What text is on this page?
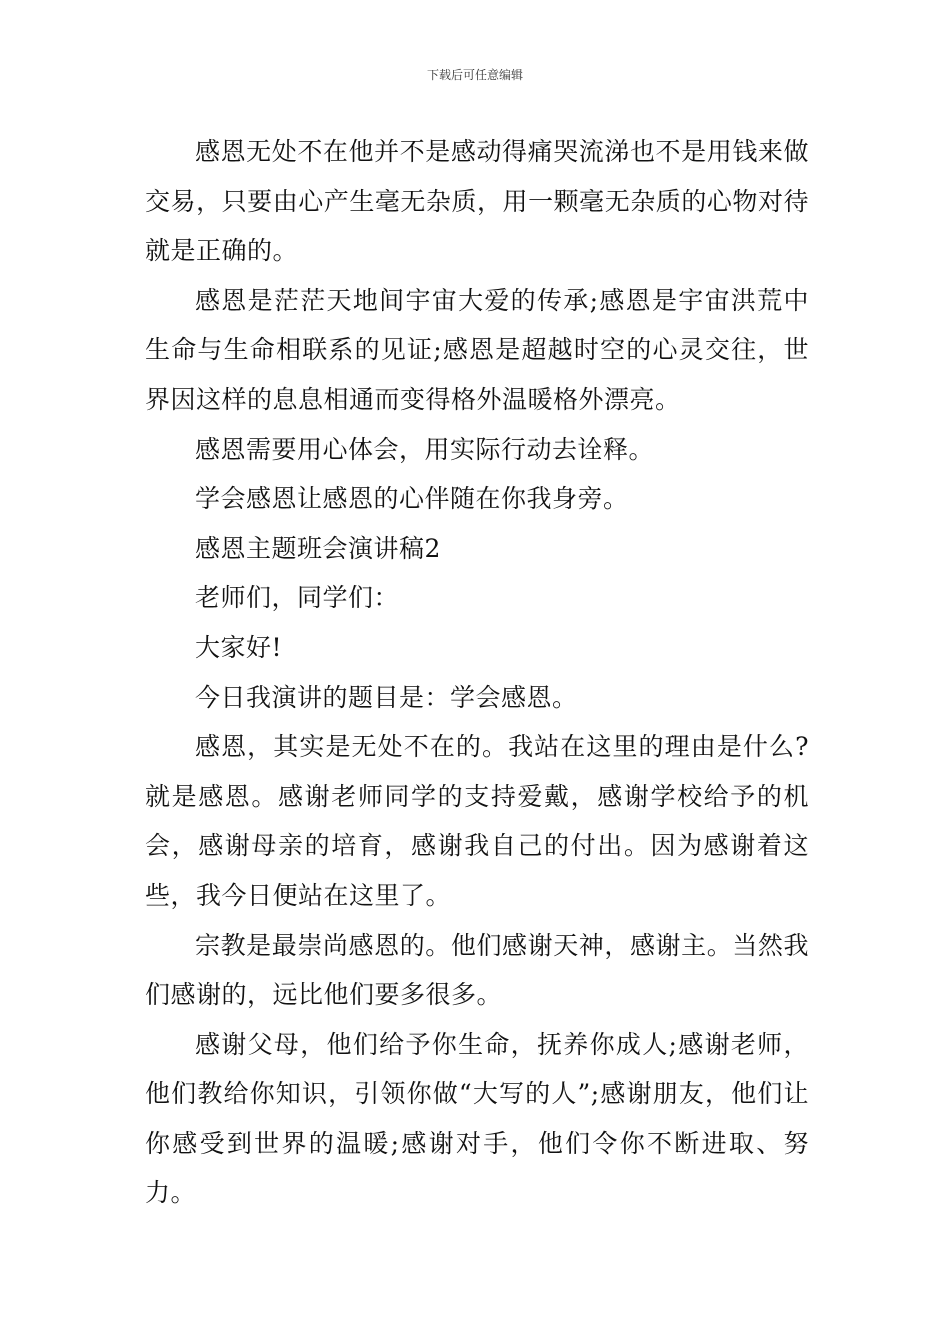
下载后可任意编辑

感恩无处不在他并不是感动得痛哭流涕也不是用钱来做交易，只要由心产生毫无杂质，用一颗毫无杂质的心物对待就是正确的。

感恩是茫茫天地间宇宙大爱的传承;感恩是宇宙洪荒中生命与生命相联系的见证;感恩是超越时空的心灵交往，世界因这样的息息相通而变得格外温暖格外漂亮。

感恩需要用心体会，用实际行动去诠释。

学会感恩让感恩的心伴随在你我身旁。

感恩主题班会演讲稿2

老师们，同学们：

大家好!

今日我演讲的题目是：学会感恩。

感恩，其实是无处不在的。我站在这里的理由是什么?就是感恩。感谢老师同学的支持爱戴，感谢学校给予的机会，感谢母亲的培育，感谢我自己的付出。因为感谢着这些，我今日便站在这里了。

宗教是最崇尚感恩的。他们感谢天神，感谢主。当然我们感谢的，远比他们要多很多。

感谢父母，他们给予你生命，抚养你成人;感谢老师，他们教给你知识，引领你做“大写的人”;感谢朋友，他们让你感受到世界的温暖;感谢对手，他们令你不断进取、努力。
